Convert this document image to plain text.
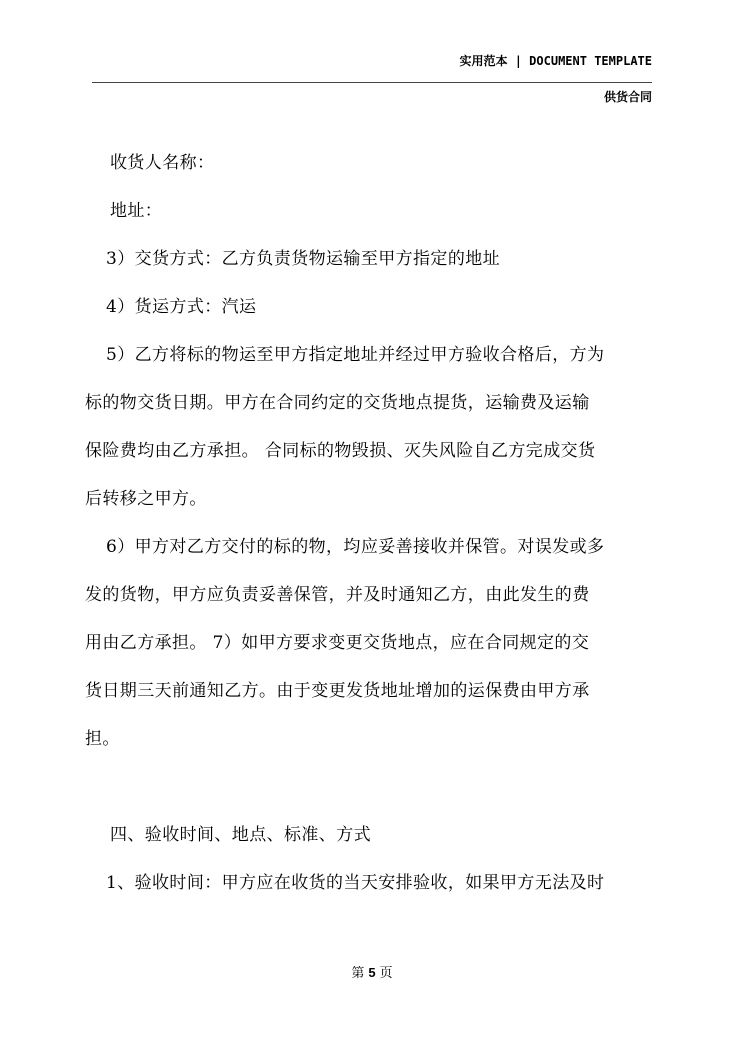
实用范本 | DOCUMENT TEMPLATE
供货合同
收货人名称：
地址：
3）交货方式：乙方负责货物运输至甲方指定的地址
4）货运方式：汽运
5）乙方将标的物运至甲方指定地址并经过甲方验收合格后，方为
标的物交货日期。甲方在合同约定的交货地点提货，运输费及运输
保险费均由乙方承担。 合同标的物毁损、灭失风险自乙方完成交货
后转移之甲方。
6）甲方对乙方交付的标的物，均应妥善接收并保管。对误发或多
发的货物，甲方应负责妥善保管，并及时通知乙方，由此发生的费
用由乙方承担。 7）如甲方要求变更交货地点，应在合同规定的交
货日期三天前通知乙方。由于变更发货地址增加的运保费由甲方承
担。
四、验收时间、地点、标准、方式
1、验收时间：甲方应在收货的当天安排验收，如果甲方无法及时
第 5 页
